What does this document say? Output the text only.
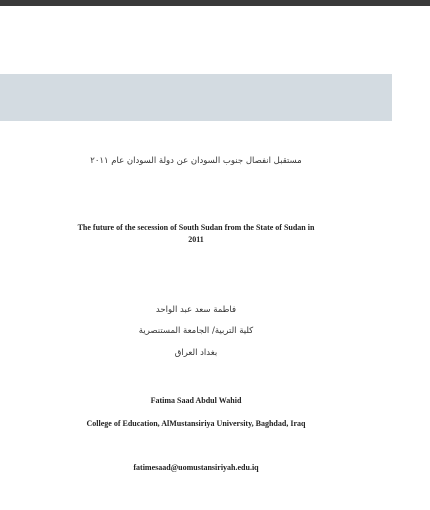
مستقبل انفصال جنوب السودان عن دولة السودان عام ٢٠١١
The future of the secession of South Sudan from the State of Sudan in
2011
فاطمة سعد عبد الواحد
كلية التربية/ الجامعة المستنصرية
بغداد العراق
Fatima Saad Abdul Wahid
College of Education, AlMustansiriya University, Baghdad, Iraq
fatimesaad@uomustansiriyah.edu.iq
